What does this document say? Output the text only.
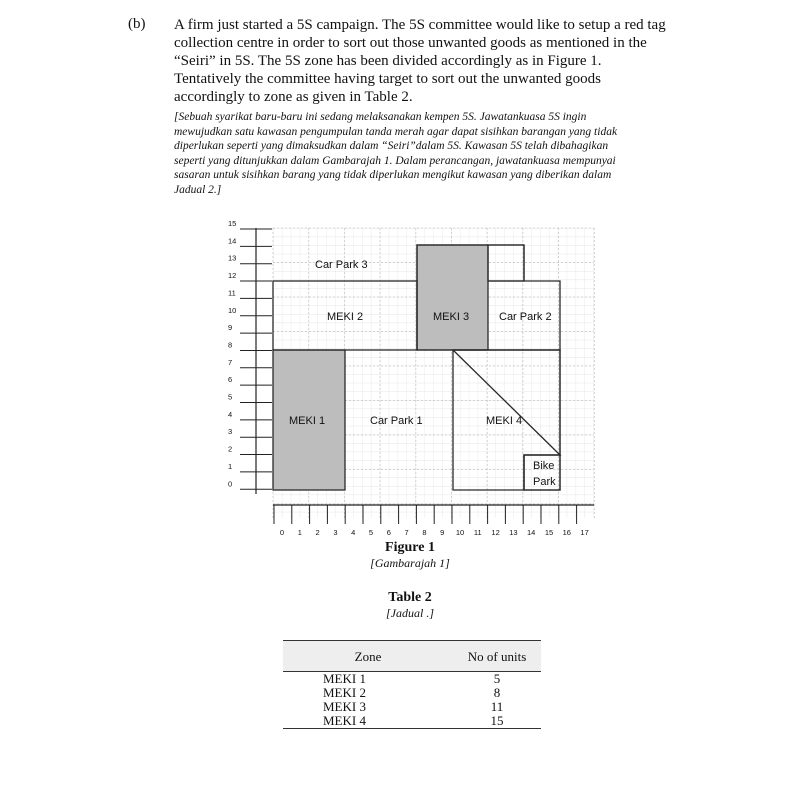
(b) A firm just started a 5S campaign. The 5S committee would like to setup a red tag
collection centre in order to sort out those unwanted goods as mentioned in the
“Seiri” in 5S. The 5S zone has been divided accordingly as in Figure 1.
Tentatively the committee having target to sort out the unwanted goods
accordingly to zone as given in Table 2.
[Sebuah syarikat baru-baru ini sedang melaksanakan kempen 5S. Jawatankuasa 5S ingin
mewujudkan satu kawasan pengumpulan tanda merah agar dapat sisihkan barangan yang tidak
diperlukan seperti yang dimaksudkan dalam “Seiri”dalam 5S. Kawasan 5S telah dibahagikan
seperti yang ditunjukkan dalam Gambarajah 1. Dalam perancangan, jawatankuasa mempunyai
sasaran untuk sisihkan barang yang tidak diperlukan mengikut kawasan yang diberikan dalam
Jadual 2.]
15
14
13
12
11
10
9
8
7
6
5
4
3
2
1
0
0 1 2 3 4 5 6 7 8 9 10 11 12 13 14 15 16 17
Car Park 3
MEKI 2	MEKI 3	Car Park 2
MEKI 1	Car Park 1	MEKI 4
Bike
Park
Figure 1
[Gambarajah 1]
Table 2
[Jadual .]
Zone	No of units
MEKI 1	5
MEKI 2	8
MEKI 3	11
MEKI 4	15
